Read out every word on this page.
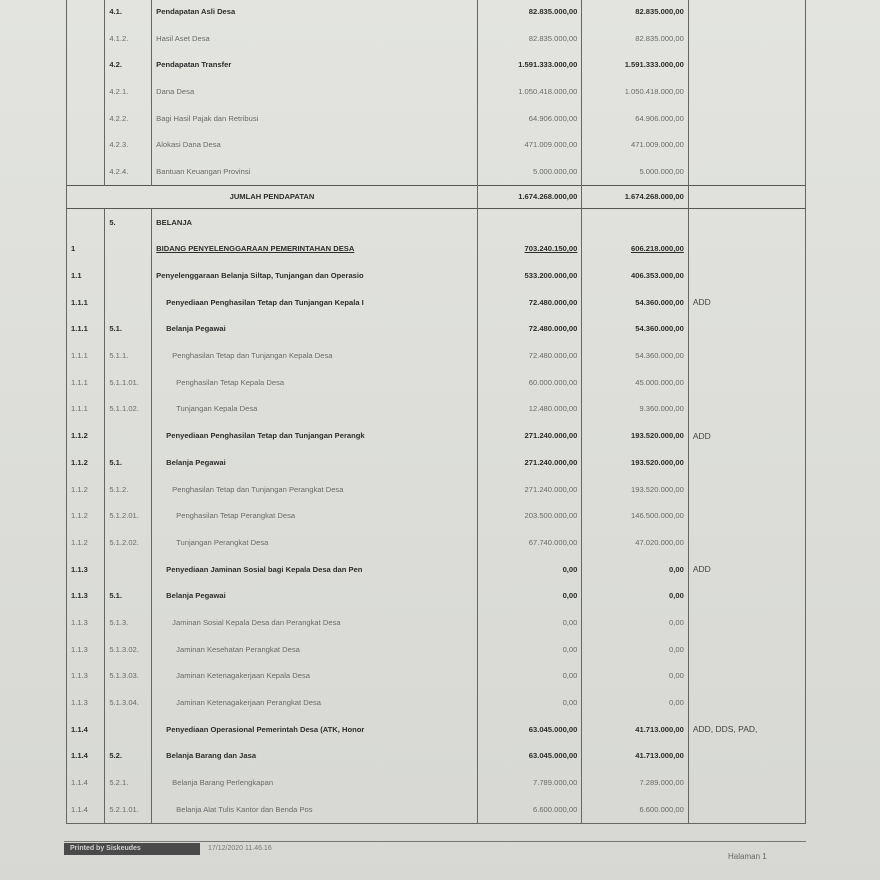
	4.1.	Pendapatan Asli Desa	82.835.000,00	82.835.000,00	
	4.1.2.	Hasil Aset Desa	82.835.000,00	82.835.000,00	
	4.2.	Pendapatan Transfer	1.591.333.000,00	1.591.333.000,00	
	4.2.1.	Dana Desa	1.050.418.000,00	1.050.418.000,00	
	4.2.2.	Bagi Hasil Pajak dan Retribusi	64.906.000,00	64.906.000,00	
	4.2.3.	Alokasi Dana Desa	471.009.000,00	471.009.000,00	
	4.2.4.	Bantuan Keuangan Provinsi	5.000.000,00	5.000.000,00	
JUMLAH PENDAPATAN			1.674.268.000,00	1.674.268.000,00	
	5.	BELANJA			
1		BIDANG PENYELENGGARAAN PEMERINTAHAN DESA	703.240.150,00	606.218.000,00	
1.1		Penyelenggaraan Belanja Siltap, Tunjangan dan Operasio	533.200.000,00	406.353.000,00	
1.1.1		Penyediaan Penghasilan Tetap dan Tunjangan Kepala I	72.480.000,00	54.360.000,00	ADD
1.1.1	5.1.	Belanja Pegawai	72.480.000,00	54.360.000,00	
1.1.1	5.1.1.	Penghasilan Tetap dan Tunjangan Kepala Desa	72.480.000,00	54.360.000,00	
1.1.1	5.1.1.01.	Penghasilan Tetap Kepala Desa	60.000.000,00	45.000.000,00	
1.1.1	5.1.1.02.	Tunjangan Kepala Desa	12.480.000,00	9.360.000,00	
1.1.2		Penyediaan Penghasilan Tetap dan Tunjangan Perangk	271.240.000,00	193.520.000,00	ADD
1.1.2	5.1.	Belanja Pegawai	271.240.000,00	193.520.000,00	
1.1.2	5.1.2.	Penghasilan Tetap dan Tunjangan Perangkat Desa	271.240.000,00	193.520.000,00	
1.1.2	5.1.2.01.	Penghasilan Tetap Perangkat Desa	203.500.000,00	146.500.000,00	
1.1.2	5.1.2.02.	Tunjangan Perangkat Desa	67.740.000,00	47.020.000,00	
1.1.3		Penyediaan Jaminan Sosial bagi Kepala Desa dan Pen	0,00	0,00	ADD
1.1.3	5.1.	Belanja Pegawai	0,00	0,00	
1.1.3	5.1.3.	Jaminan Sosial Kepala Desa dan Perangkat Desa	0,00	0,00	
1.1.3	5.1.3.02.	Jaminan Kesehatan Perangkat Desa	0,00	0,00	
1.1.3	5.1.3.03.	Jaminan Ketenagakerjaan Kepala Desa	0,00	0,00	
1.1.3	5.1.3.04.	Jaminan Ketenagakerjaan Perangkat Desa	0,00	0,00	
1.1.4		Penyediaan Operasional Pemerintah Desa (ATK, Honor	63.045.000,00	41.713.000,00	ADD, DDS, PAD,
1.1.4	5.2.	Belanja Barang dan Jasa	63.045.000,00	41.713.000,00	
1.1.4	5.2.1.	Belanja Barang Perlengkapan	7.789.000,00	7.289.000,00	
1.1.4	5.2.1.01.	Belanja Alat Tulis Kantor dan Benda Pos	6.600.000,00	6.600.000,00	
Printed by Siskeudes	17/12/2020 11.46.16
Halaman 1
